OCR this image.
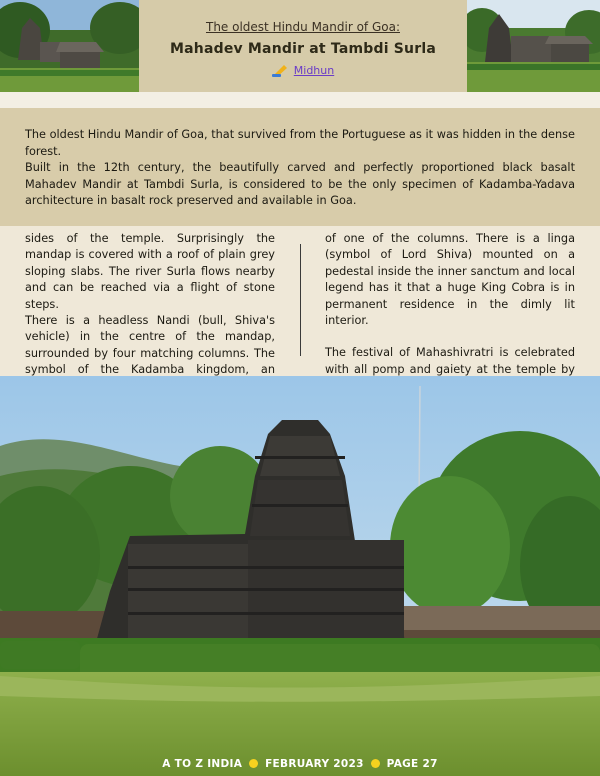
The oldest Hindu Mandir of Goa:
Mahadev Mandir at Tambdi Surla
Midhun

The oldest Hindu Mandir of Goa, that survived from the Portuguese as it was hidden in the dense forest.

Built in the 12th century, the beautifully carved and perfectly proportioned black basalt Mahadev Mandir at Tambdi Surla, is considered to be the only specimen of Kadamba-Yadava architecture in basalt rock preserved and available in Goa.

sides of the temple. Surprisingly the mandap is covered with a roof of plain grey sloping slabs. The river Surla flows nearby and can be reached via a flight of stone steps.

There is a headless Nandi (bull, Shiva's vehicle) in the centre of the mandap, surrounded by four matching columns. The symbol of the Kadamba kingdom, an

of one of the columns. There is a linga (symbol of Lord Shiva) mounted on a pedestal inside the inner sanctum and local legend has it that a huge King Cobra is in permanent residence in the dimly lit interior.

The festival of Mahashivratri is celebrated with all pomp and gaiety at the temple by

A TO Z INDIA FEBRUARY 2023 PAGE 27
